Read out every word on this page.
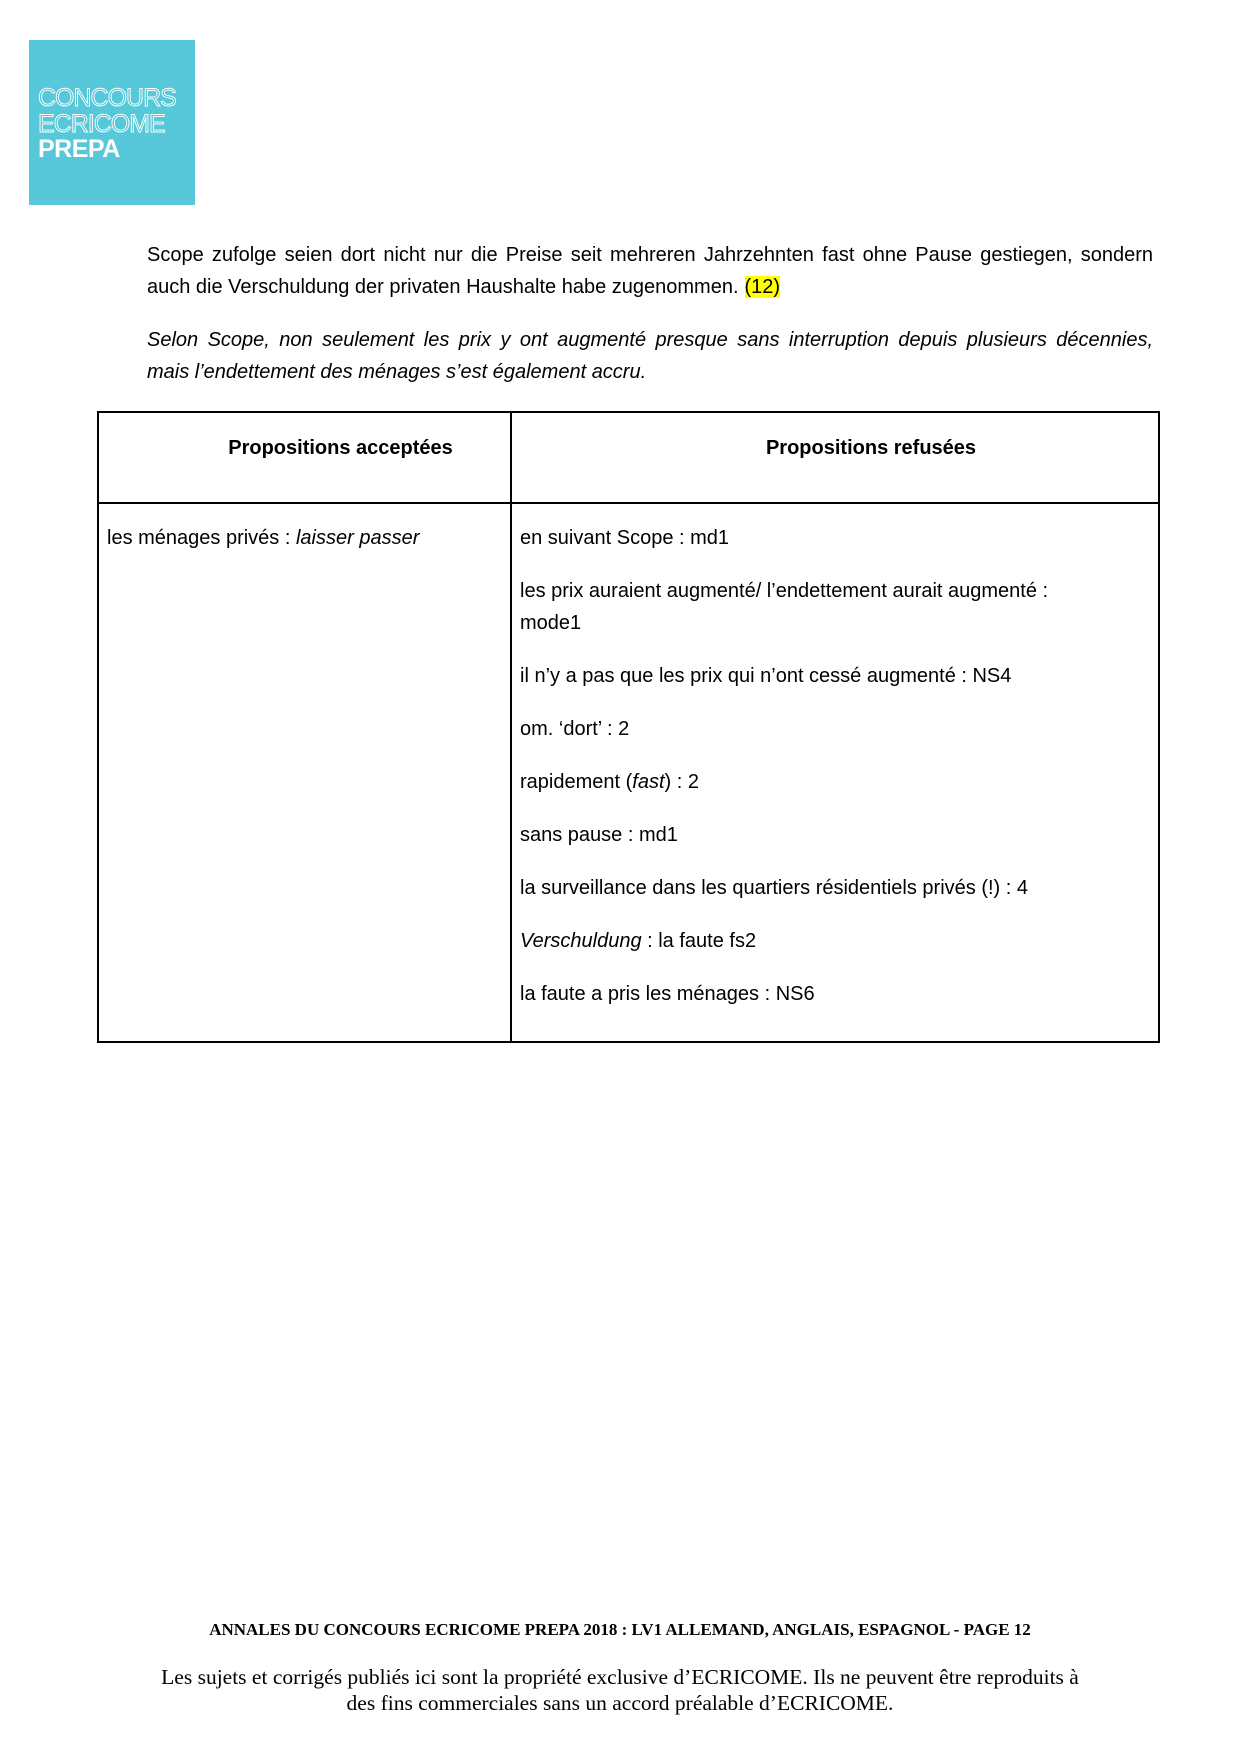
CONCOURS
ECRICOME
PREPA
Scope zufolge seien dort nicht nur die Preise seit mehreren Jahrzehnten fast ohne Pause gestiegen, sondern
auch die Verschuldung der privaten Haushalte habe zugenommen. (12)
Selon Scope, non seulement les prix y ont augmenté presque sans interruption depuis plusieurs décennies,
mais l’endettement des ménages s’est également accru.
Propositions acceptées	Propositions refusées

les ménages privés : laisser passer	en suivant Scope : md1

les prix auraient augmenté/ l’endettement aurait augmenté : mode1

il n’y a pas que les prix qui n’ont cessé augmenté : NS4

om. ‘dort’ : 2

rapidement (fast) : 2

sans pause : md1

la surveillance dans les quartiers résidentiels privés (!) : 4

Verschuldung : la faute fs2

la faute a pris les ménages : NS6

ANNALES DU CONCOURS ECRICOME PREPA 2018 : LV1 ALLEMAND, ANGLAIS, ESPAGNOL - PAGE 12
Les sujets et corrigés publiés ici sont la propriété exclusive d’ECRICOME. Ils ne peuvent être reproduits à
des fins commerciales sans un accord préalable d’ECRICOME.
